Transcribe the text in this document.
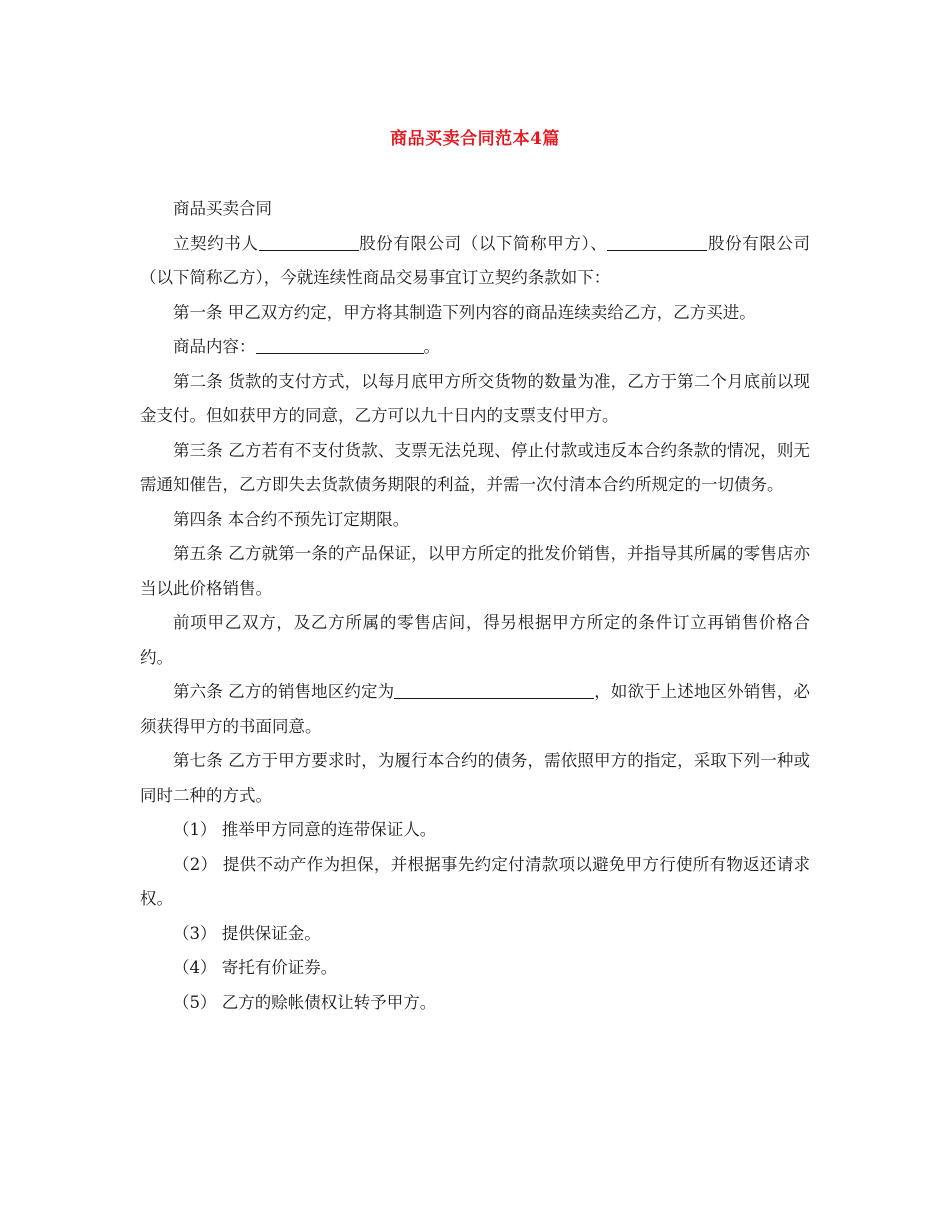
商品买卖合同范本4篇

商品买卖合同

立契约书人	股份有限公司（以下简称甲方）、	股份有限公司（以下简称乙方），今就连续性商品交易事宜订立契约条款如下：

第一条 甲乙双方约定，甲方将其制造下列内容的商品连续卖给乙方，乙方买进。

商品内容：	。

第二条 货款的支付方式，以每月底甲方所交货物的数量为准，乙方于第二个月底前以现金支付。但如获甲方的同意，乙方可以九十日内的支票支付甲方。

第三条 乙方若有不支付货款、支票无法兑现、停止付款或违反本合约条款的情况，则无需通知催告，乙方即失去货款债务期限的利益，并需一次付清本合约所规定的一切债务。

第四条 本合约不预先订定期限。

第五条 乙方就第一条的产品保证，以甲方所定的批发价销售，并指导其所属的零售店亦当以此价格销售。

前项甲乙双方，及乙方所属的零售店间，得另根据甲方所定的条件订立再销售价格合约。

第六条 乙方的销售地区约定为	，如欲于上述地区外销售，必须获得甲方的书面同意。

第七条 乙方于甲方要求时，为履行本合约的债务，需依照甲方的指定，采取下列一种或同时二种的方式。

（1） 推举甲方同意的连带保证人。

（2） 提供不动产作为担保，并根据事先约定付清款项以避免甲方行使所有物返还请求权。

（3） 提供保证金。

（4） 寄托有价证券。

（5） 乙方的赊帐债权让转予甲方。
